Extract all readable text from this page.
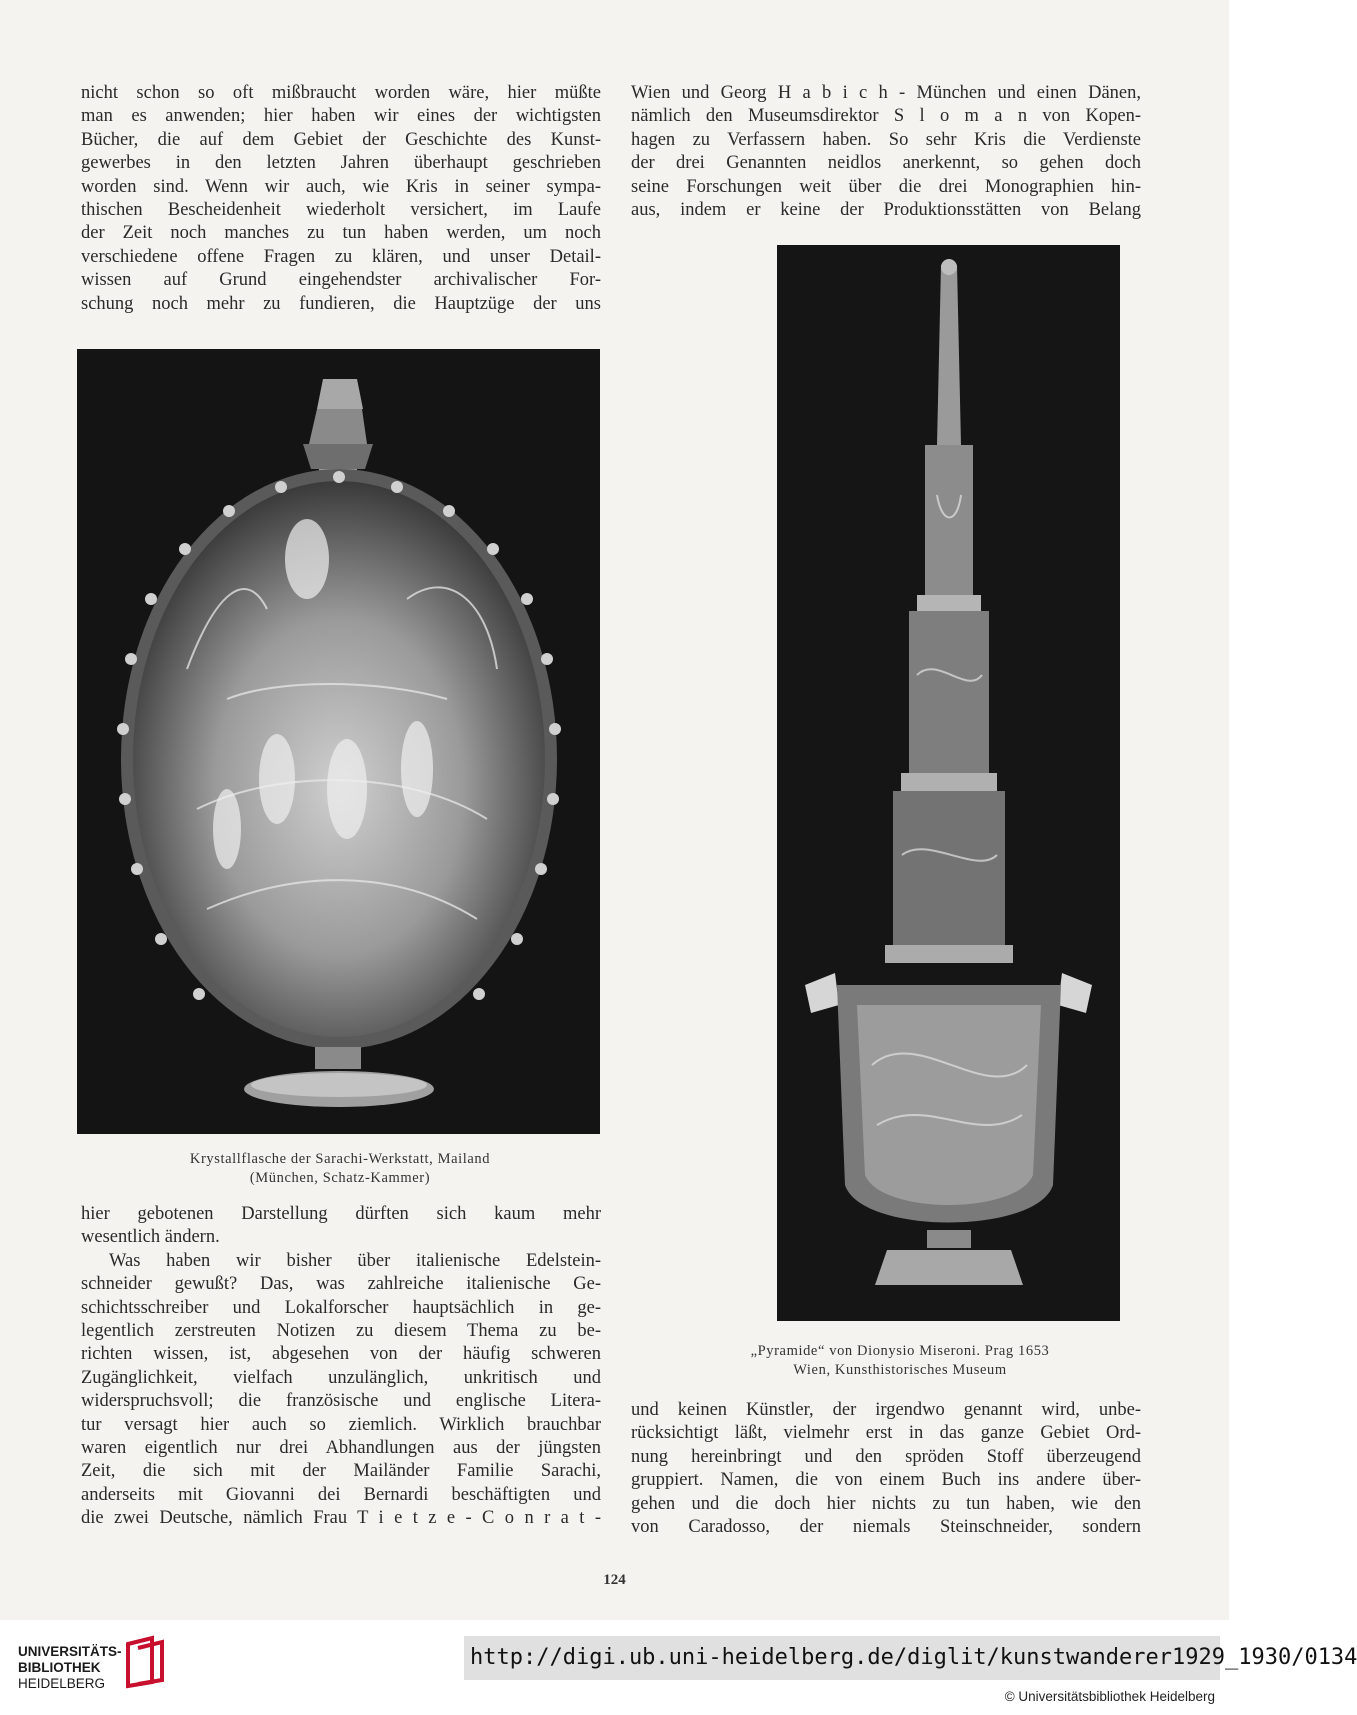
nicht schon so oft mißbraucht worden wäre, hier müßte
man es anwenden; hier haben wir eines der wichtigsten
Bücher, die auf dem Gebiet der Geschichte des Kunst-
gewerbes in den letzten Jahren überhaupt geschrieben
worden sind. Wenn wir auch, wie Kris in seiner sympa-
thischen Bescheidenheit wiederholt versichert, im Laufe
der Zeit noch manches zu tun haben werden, um noch
verschiedene offene Fragen zu klären, und unser Detail-
wissen auf Grund eingehendster archivalischer For-
schung noch mehr zu fundieren, die Hauptzüge der uns
Wien und Georg H a b i c h - München und einen Dänen,
nämlich den Museumsdirektor S l o m a n von Kopen-
hagen zu Verfassern haben. So sehr Kris die Verdienste
der drei Genannten neidlos anerkennt, so gehen doch
seine Forschungen weit über die drei Monographien hin-
aus, indem er keine der Produktionsstätten von Belang
Krystallflasche der Sarachi-Werkstatt, Mailand
(München, Schatz-Kammer)
„Pyramide“ von Dionysio Miseroni. Prag 1653
Wien, Kunsthistorisches Museum
hier gebotenen Darstellung dürften sich kaum mehr
wesentlich ändern.
Was haben wir bisher über italienische Edelstein-
schneider gewußt? Das, was zahlreiche italienische Ge-
schichtsschreiber und Lokalforscher hauptsächlich in ge-
legentlich zerstreuten Notizen zu diesem Thema zu be-
richten wissen, ist, abgesehen von der häufig schweren
Zugänglichkeit, vielfach unzulänglich, unkritisch und
widerspruchsvoll; die französische und englische Litera-
tur versagt hier auch so ziemlich. Wirklich brauchbar
waren eigentlich nur drei Abhandlungen aus der jüngsten
Zeit, die sich mit der Mailänder Familie Sarachi,
anderseits mit Giovanni dei Bernardi beschäftigten und
die zwei Deutsche, nämlich Frau T i e t z e - C o n r a t -
und keinen Künstler, der irgendwo genannt wird, unbe-
rücksichtigt läßt, vielmehr erst in das ganze Gebiet Ord-
nung hereinbringt und den spröden Stoff überzeugend
gruppiert. Namen, die von einem Buch ins andere über-
gehen und die doch hier nichts zu tun haben, wie den
von Caradosso, der niemals Steinschneider, sondern
124
UNIVERSITÄTS-
BIBLIOTHEK
HEIDELBERG
http://digi.ub.uni-heidelberg.de/diglit/kunstwanderer1929_1930/0134
© Universitätsbibliothek Heidelberg
